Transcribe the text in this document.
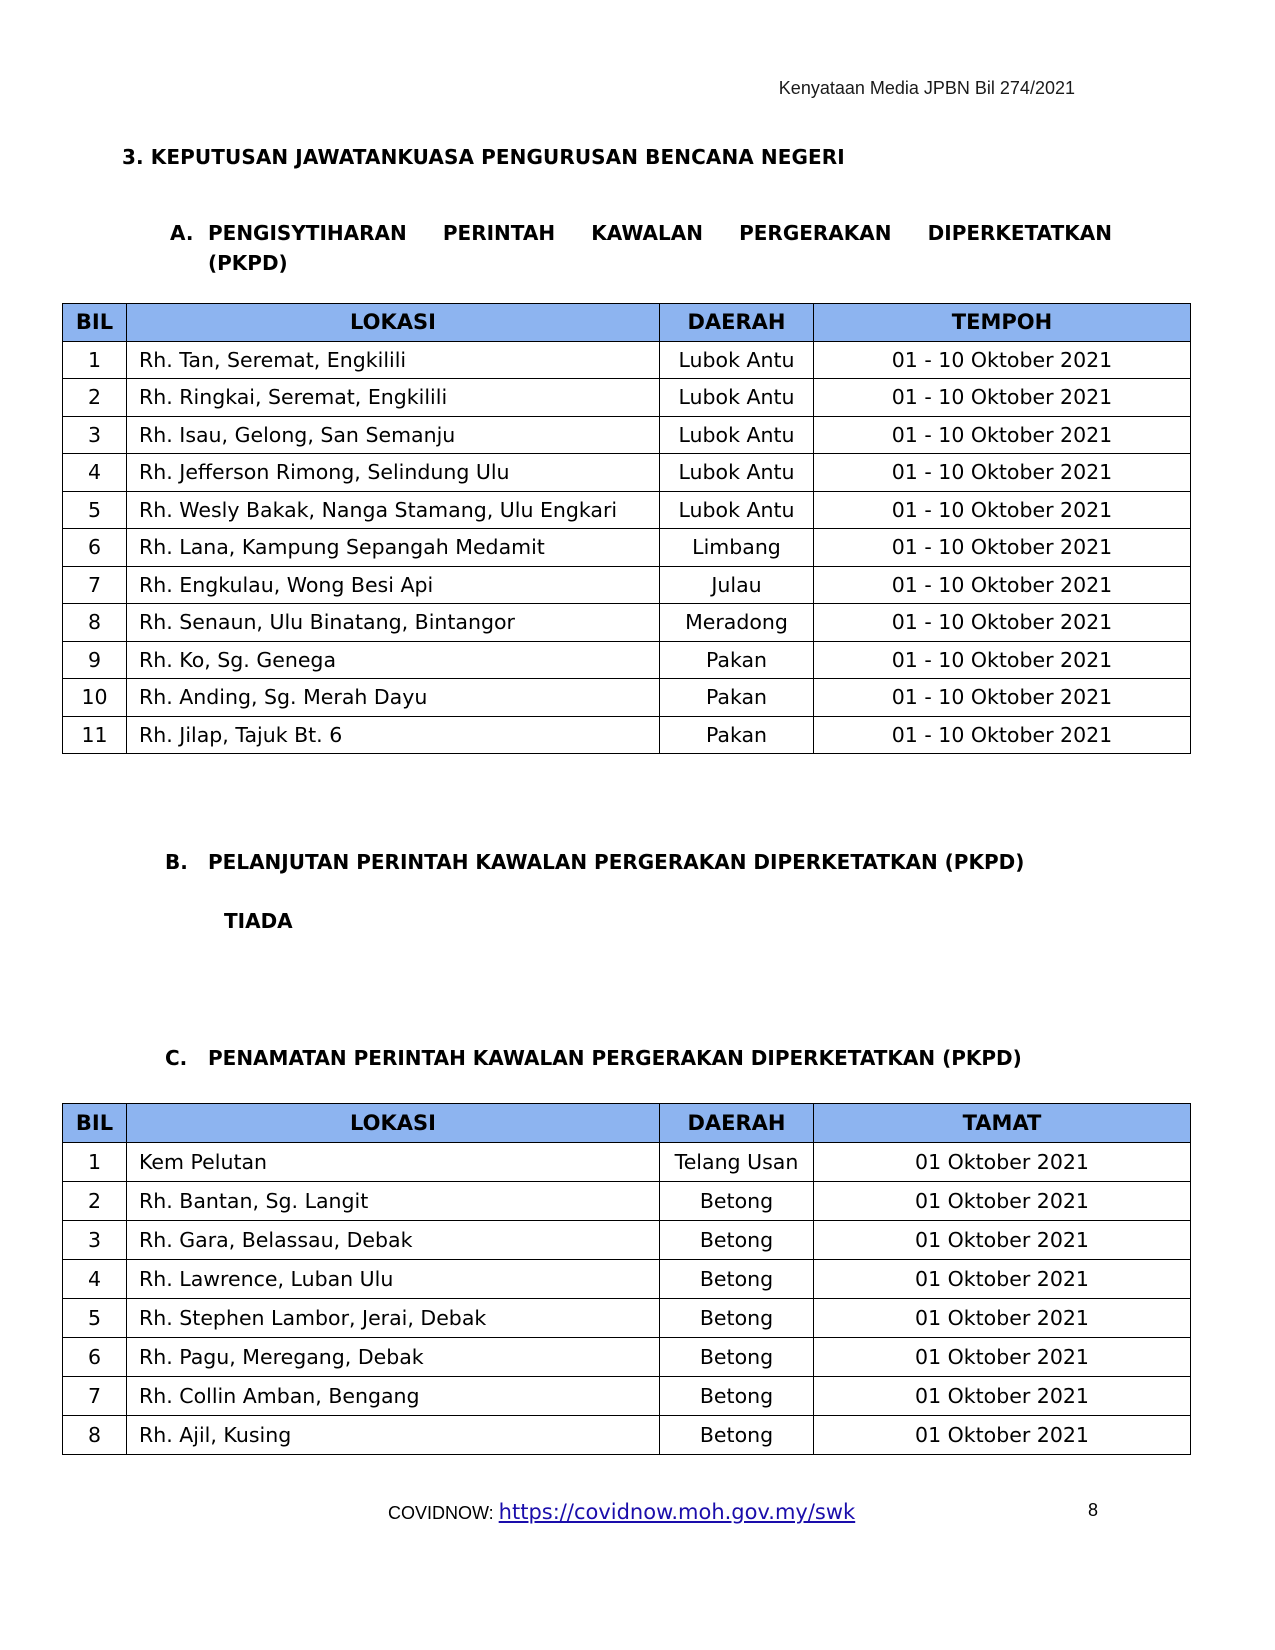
Kenyataan Media JPBN Bil 274/2021
3. KEPUTUSAN JAWATANKUASA PENGURUSAN BENCANA NEGERI
A. PENGISYTIHARAN PERINTAH KAWALAN PERGERAKAN DIPERKETATKAN
(PKPD)
BIL	LOKASI	DAERAH	TEMPOH
1	Rh. Tan, Seremat, Engkilili	Lubok Antu	01 - 10 Oktober 2021
2	Rh. Ringkai, Seremat, Engkilili	Lubok Antu	01 - 10 Oktober 2021
3	Rh. Isau, Gelong, San Semanju	Lubok Antu	01 - 10 Oktober 2021
4	Rh. Jefferson Rimong, Selindung Ulu	Lubok Antu	01 - 10 Oktober 2021
5	Rh. Wesly Bakak, Nanga Stamang, Ulu Engkari	Lubok Antu	01 - 10 Oktober 2021
6	Rh. Lana, Kampung Sepangah Medamit	Limbang	01 - 10 Oktober 2021
7	Rh. Engkulau, Wong Besi Api	Julau	01 - 10 Oktober 2021
8	Rh. Senaun, Ulu Binatang, Bintangor	Meradong	01 - 10 Oktober 2021
9	Rh. Ko, Sg. Genega	Pakan	01 - 10 Oktober 2021
10	Rh. Anding, Sg. Merah Dayu	Pakan	01 - 10 Oktober 2021
11	Rh. Jilap, Tajuk Bt. 6	Pakan	01 - 10 Oktober 2021
B. PELANJUTAN PERINTAH KAWALAN PERGERAKAN DIPERKETATKAN (PKPD)
TIADA
C. PENAMATAN PERINTAH KAWALAN PERGERAKAN DIPERKETATKAN (PKPD)
BIL	LOKASI	DAERAH	TAMAT
1	Kem Pelutan	Telang Usan	01 Oktober 2021
2	Rh. Bantan, Sg. Langit	Betong	01 Oktober 2021
3	Rh. Gara, Belassau, Debak	Betong	01 Oktober 2021
4	Rh. Lawrence, Luban Ulu	Betong	01 Oktober 2021
5	Rh. Stephen Lambor, Jerai, Debak	Betong	01 Oktober 2021
6	Rh. Pagu, Meregang, Debak	Betong	01 Oktober 2021
7	Rh. Collin Amban, Bengang	Betong	01 Oktober 2021
8	Rh. Ajil, Kusing	Betong	01 Oktober 2021
COVIDNOW: https://covidnow.moh.gov.my/swk	8
